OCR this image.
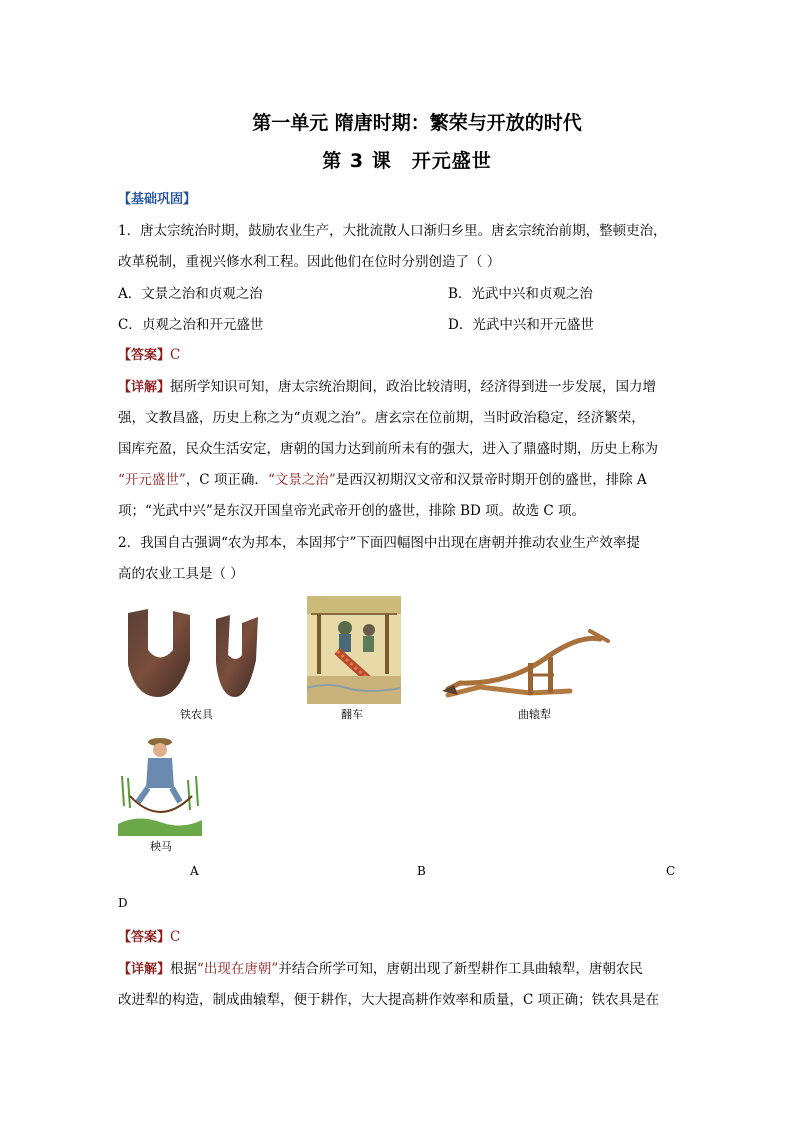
第一单元 隋唐时期：繁荣与开放的时代
第 3 课　开元盛世
【基础巩固】
1．唐太宗统治时期，鼓励农业生产，大批流散人口渐归乡里。唐玄宗统治前期，整顿吏治，
改革税制，重视兴修水利工程。因此他们在位时分别创造了（ ）
A．文景之治和贞观之治	B．光武中兴和贞观之治
C．贞观之治和开元盛世	D．光武中兴和开元盛世
【答案】C
【详解】据所学知识可知，唐太宗统治期间，政治比较清明，经济得到进一步发展，国力增
强，文教昌盛，历史上称之为“贞观之治”。唐玄宗在位前期，当时政治稳定，经济繁荣，
国库充盈，民众生活安定，唐朝的国力达到前所未有的强大，进入了鼎盛时期，历史上称为
“开元盛世”，C 项正确．“文景之治”是西汉初期汉文帝和汉景帝时期开创的盛世，排除 A
项；“光武中兴”是东汉开国皇帝光武帝开创的盛世，排除 BD 项。故选 C 项。
2．我国自古强调“农为邦本，本固邦宁”下面四幅图中出现在唐朝并推动农业生产效率提
高的农业工具是（ ）
铁农具	翻车	曲辕犁
秧马
A	B	C
D
【答案】C
【详解】根据“出现在唐朝”并结合所学可知，唐朝出现了新型耕作工具曲辕犁，唐朝农民
改进犁的构造，制成曲辕犁，便于耕作，大大提高耕作效率和质量，C 项正确；铁农具是在
